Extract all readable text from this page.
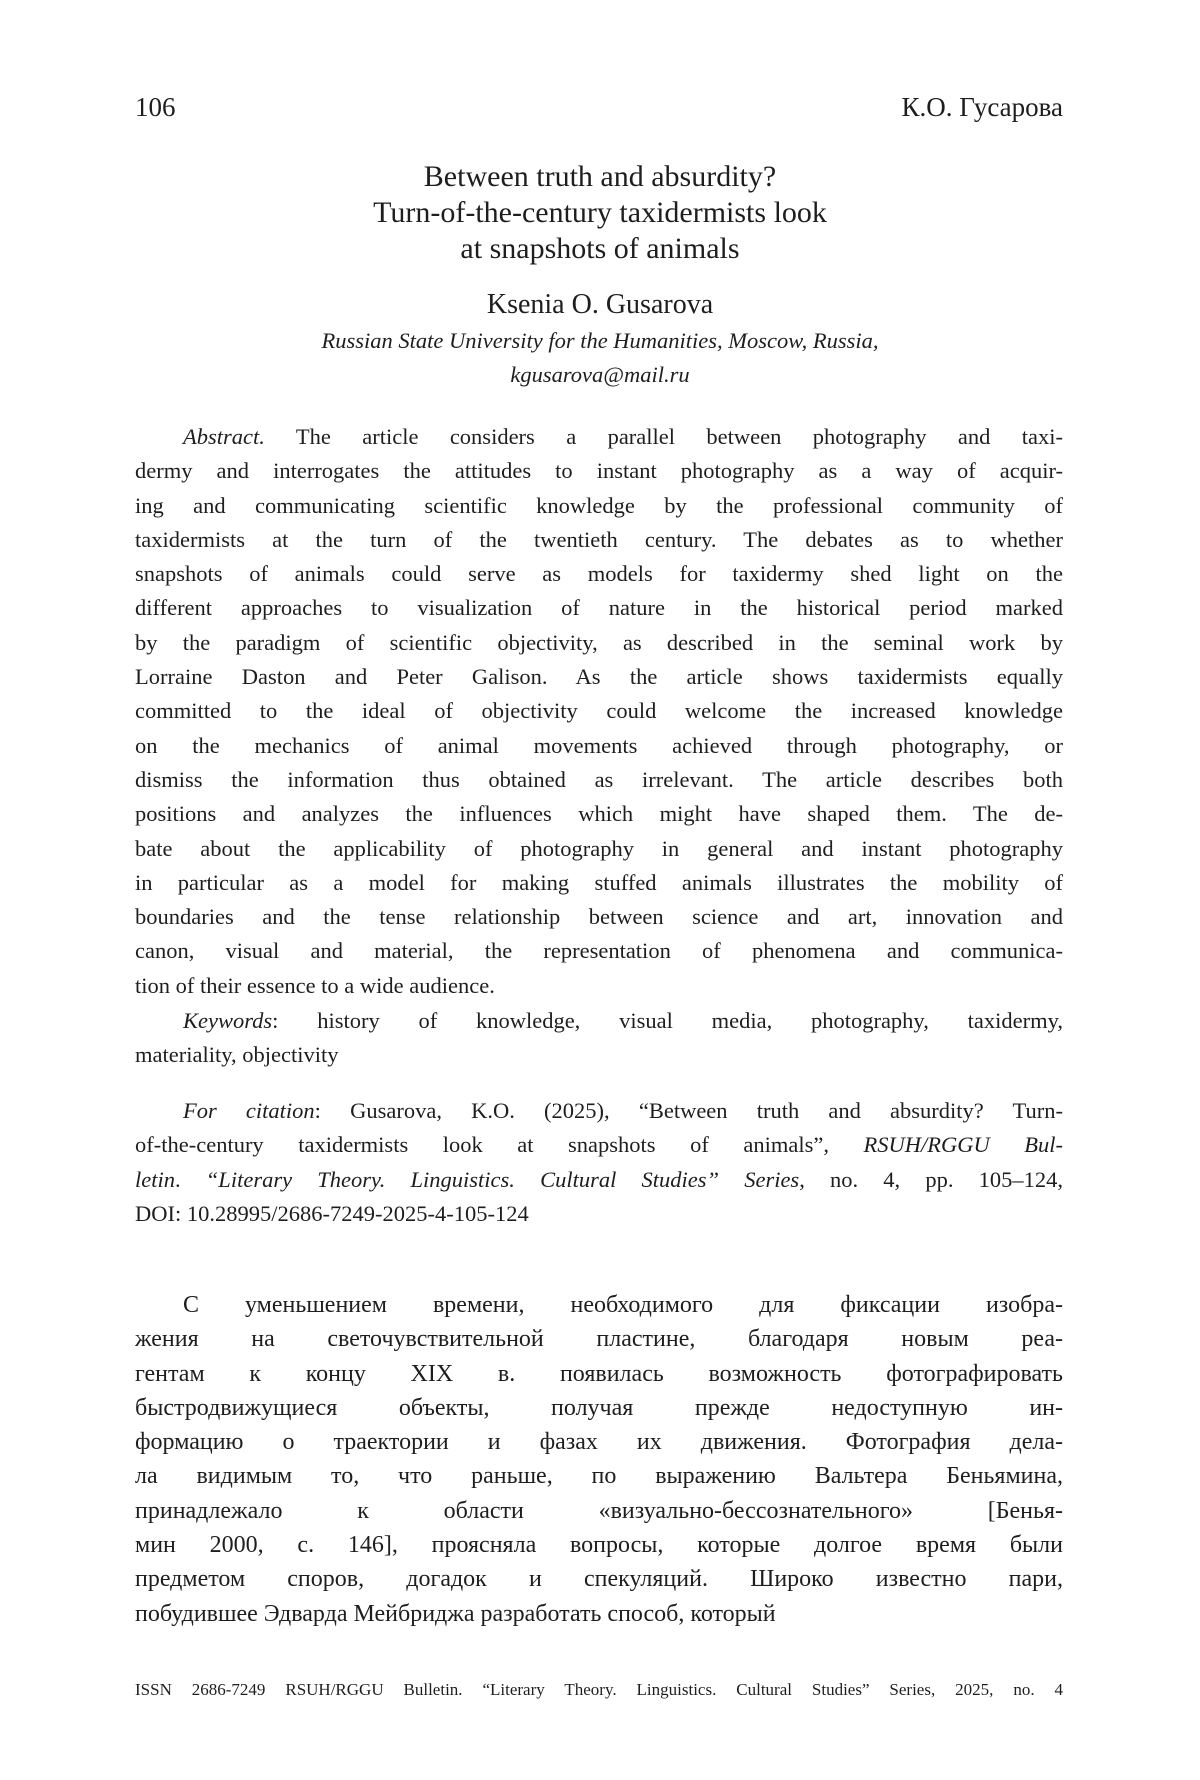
106	К.О. Гусарова
Between truth and absurdity?
Turn-of-the-century taxidermists look
at snapshots of animals
Ksenia O. Gusarova
Russian State University for the Humanities, Moscow, Russia,
kgusarova@mail.ru
Abstract. The article considers a parallel between photography and taxi-
dermy and interrogates the attitudes to instant photography as a way of acquir-
ing and communicating scientific knowledge by the professional community of
taxidermists at the turn of the twentieth century. The debates as to whether
snapshots of animals could serve as models for taxidermy shed light on the
different approaches to visualization of nature in the historical period marked
by the paradigm of scientific objectivity, as described in the seminal work by
Lorraine Daston and Peter Galison. As the article shows taxidermists equally
committed to the ideal of objectivity could welcome the increased knowledge
on the mechanics of animal movements achieved through photography, or
dismiss the information thus obtained as irrelevant. The article describes both
positions and analyzes the influences which might have shaped them. The de-
bate about the applicability of photography in general and instant photography
in particular as a model for making stuffed animals illustrates the mobility of
boundaries and the tense relationship between science and art, innovation and
canon, visual and material, the representation of phenomena and communica-
tion of their essence to a wide audience.
Keywords: history of knowledge, visual media, photography, taxidermy,
materiality, objectivity
For citation: Gusarova, K.O. (2025), “Between truth and absurdity? Turn-
of-the-century taxidermists look at snapshots of animals”, RSUH/RGGU Bul-
letin. “Literary Theory. Linguistics. Cultural Studies” Series, no. 4, pp. 105–124,
DOI: 10.28995/2686-7249-2025-4-105-124
С уменьшением времени, необходимого для фиксации изобра-
жения на светочувствительной пластине, благодаря новым реа-
гентам к концу XIX в. появилась возможность фотографировать
быстродвижущиеся объекты, получая прежде недоступную ин-
формацию о траектории и фазах их движения. Фотография дела-
ла видимым то, что раньше, по выражению Вальтера Беньямина,
принадлежало к области «визуально-бессознательного» [Бенья-
мин 2000, с. 146], проясняла вопросы, которые долгое время были
предметом споров, догадок и спекуляций. Широко известно пари,
побудившее Эдварда Мейбриджа разработать способ, который
ISSN 2686-7249 RSUH/RGGU Bulletin. “Literary Theory. Linguistics. Cultural Studies” Series, 2025, no. 4
